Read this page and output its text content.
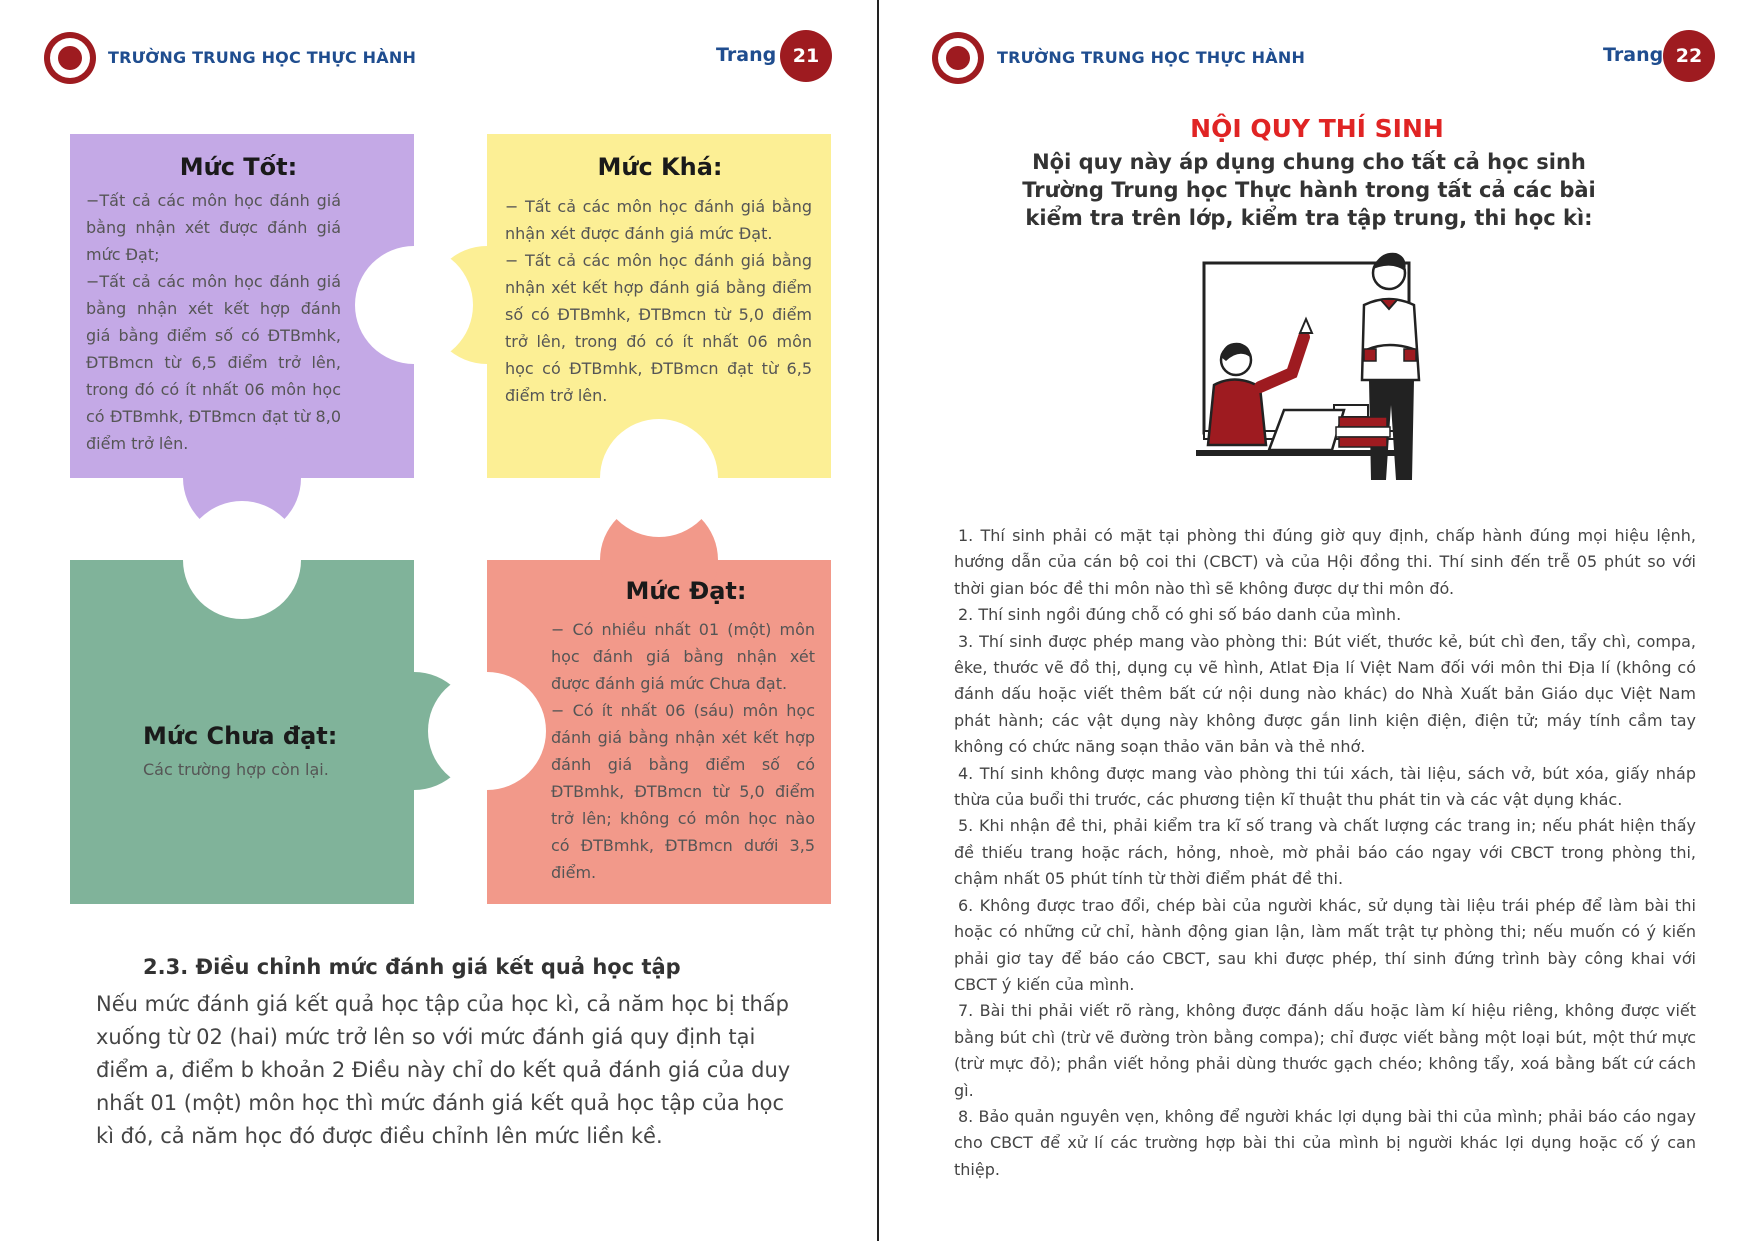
TRƯỜNG TRUNG HỌC THỰC HÀNH	Trang 21
Mức Tốt:
−Tất cả các môn học đánh giá bằng nhận xét được đánh giá mức Đạt;
−Tất cả các môn học đánh giá bằng nhận xét kết hợp đánh giá bằng điểm số có ĐTBmhk, ĐTBmcn từ 6,5 điểm trở lên, trong đó có ít nhất 06 môn học có ĐTBmhk, ĐTBmcn đạt từ 8,0 điểm trở lên.
Mức Khá:
− Tất cả các môn học đánh giá bằng nhận xét được đánh giá mức Đạt.
− Tất cả các môn học đánh giá bằng nhận xét kết hợp đánh giá bằng điểm số có ĐTBmhk, ĐTBmcn từ 5,0 điểm trở lên, trong đó có ít nhất 06 môn học có ĐTBmhk, ĐTBmcn đạt từ 6,5 điểm trở lên.
Mức Chưa đạt:
Các trường hợp còn lại.
Mức Đạt:
− Có nhiều nhất 01 (một) môn học đánh giá bằng nhận xét được đánh giá mức Chưa đạt.
− Có ít nhất 06 (sáu) môn học đánh giá bằng nhận xét kết hợp đánh giá bằng điểm số có ĐTBmhk, ĐTBmcn từ 5,0 điểm trở lên; không có môn học nào có ĐTBmhk, ĐTBmcn dưới 3,5 điểm.
2.3. Điều chỉnh mức đánh giá kết quả học tập
Nếu mức đánh giá kết quả học tập của học kì, cả năm học bị thấp xuống từ 02 (hai) mức trở lên so với mức đánh giá quy định tại điểm a, điểm b khoản 2 Điều này chỉ do kết quả đánh giá của duy nhất 01 (một) môn học thì mức đánh giá kết quả học tập của học kì đó, cả năm học đó được điều chỉnh lên mức liền kề.
TRƯỜNG TRUNG HỌC THỰC HÀNH	Trang 22
NỘI QUY THÍ SINH
Nội quy này áp dụng chung cho tất cả học sinh Trường Trung học Thực hành trong tất cả các bài kiểm tra trên lớp, kiểm tra tập trung, thi học kì:

1. Thí sinh phải có mặt tại phòng thi đúng giờ quy định, chấp hành đúng mọi hiệu lệnh, hướng dẫn của cán bộ coi thi (CBCT) và của Hội đồng thi. Thí sinh đến trễ 05 phút so với thời gian bóc đề thi môn nào thì sẽ không được dự thi môn đó.

2. Thí sinh ngồi đúng chỗ có ghi số báo danh của mình.

3. Thí sinh được phép mang vào phòng thi: Bút viết, thước kẻ, bút chì đen, tẩy chì, compa, êke, thước vẽ đồ thị, dụng cụ vẽ hình, Atlat Địa lí Việt Nam đối với môn thi Địa lí (không có đánh dấu hoặc viết thêm bất cứ nội dung nào khác) do Nhà Xuất bản Giáo dục Việt Nam phát hành; các vật dụng này không được gắn linh kiện điện, điện tử; máy tính cầm tay không có chức năng soạn thảo văn bản và thẻ nhớ.

4. Thí sinh không được mang vào phòng thi túi xách, tài liệu, sách vở, bút xóa, giấy nháp thừa của buổi thi trước, các phương tiện kĩ thuật thu phát tin và các vật dụng khác.

5. Khi nhận đề thi, phải kiểm tra kĩ số trang và chất lượng các trang in; nếu phát hiện thấy đề thiếu trang hoặc rách, hỏng, nhoè, mờ phải báo cáo ngay với CBCT trong phòng thi, chậm nhất 05 phút tính từ thời điểm phát đề thi.

6. Không được trao đổi, chép bài của người khác, sử dụng tài liệu trái phép để làm bài thi hoặc có những cử chỉ, hành động gian lận, làm mất trật tự phòng thi; nếu muốn có ý kiến phải giơ tay để báo cáo CBCT, sau khi được phép, thí sinh đứng trình bày công khai với CBCT ý kiến của mình.

7. Bài thi phải viết rõ ràng, không được đánh dấu hoặc làm kí hiệu riêng, không được viết bằng bút chì (trừ vẽ đường tròn bằng compa); chỉ được viết bằng một loại bút, một thứ mực (trừ mực đỏ); phần viết hỏng phải dùng thước gạch chéo; không tẩy, xoá bằng bất cứ cách gì.

8. Bảo quản nguyên vẹn, không để người khác lợi dụng bài thi của mình; phải báo cáo ngay cho CBCT để xử lí các trường hợp bài thi của mình bị người khác lợi dụng hoặc cố ý can thiệp.
